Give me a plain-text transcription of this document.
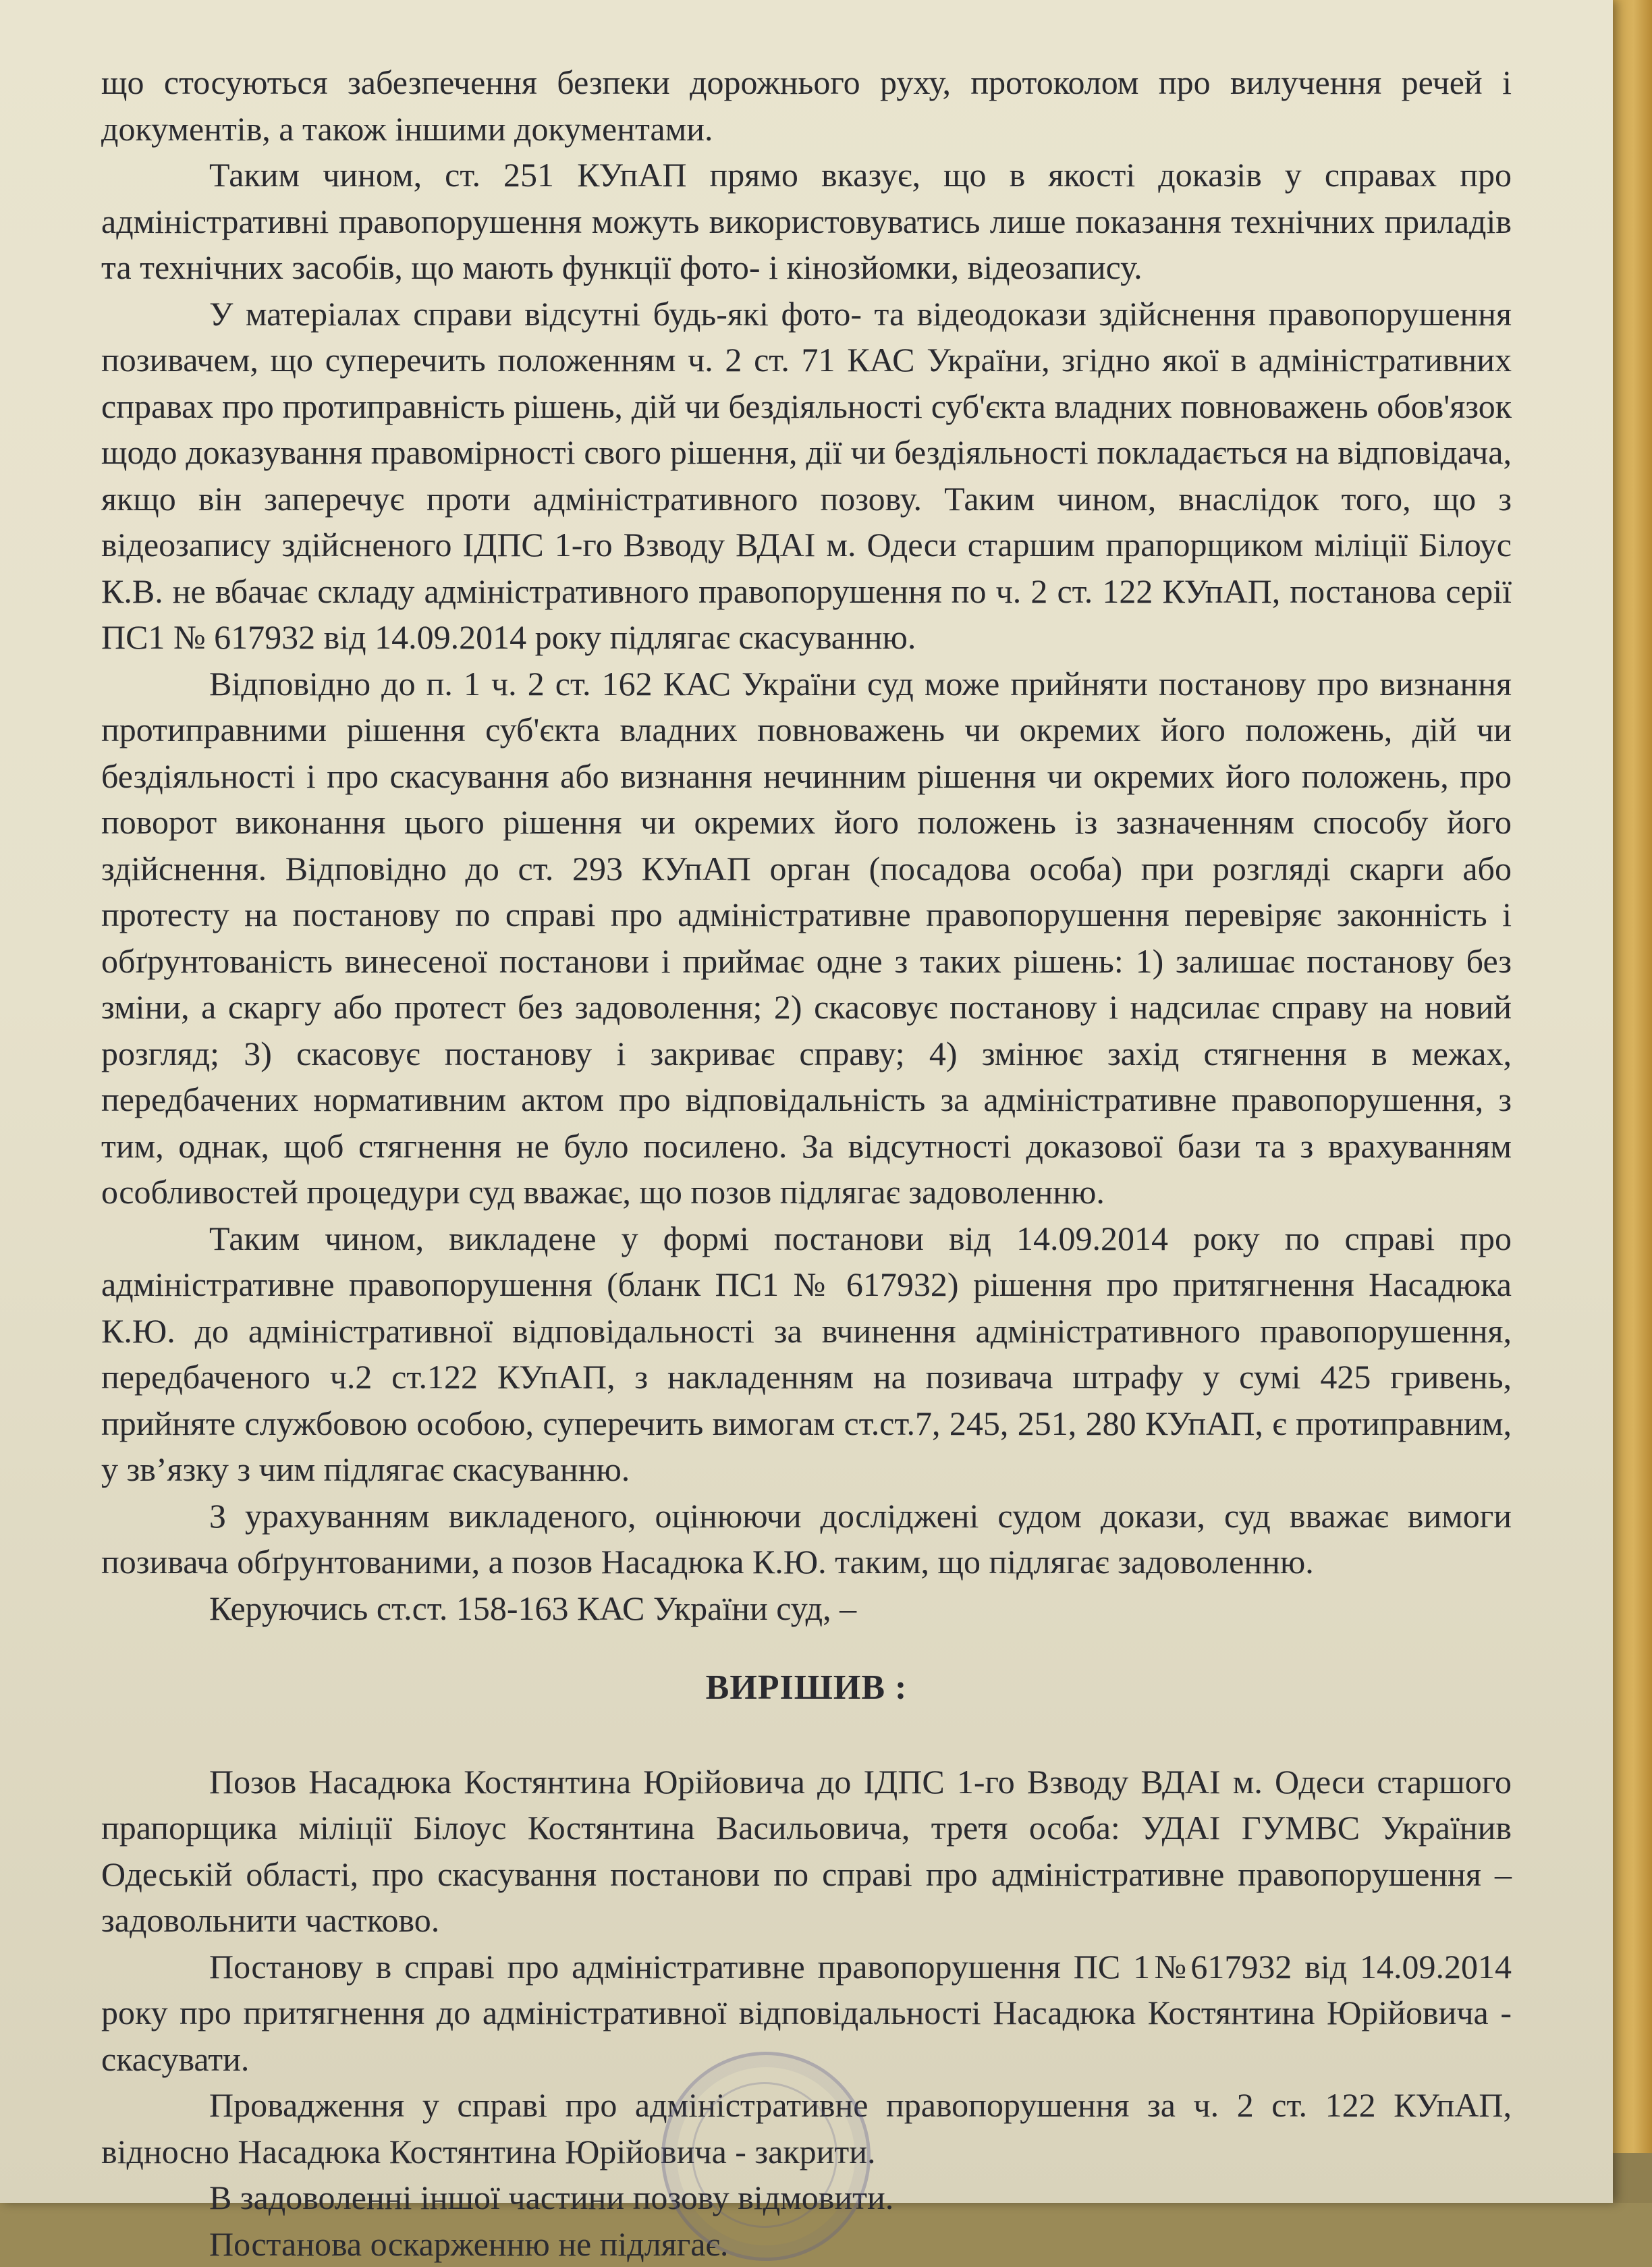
що стосуються забезпечення безпеки дорожнього руху, протоколом про вилучення речей і документів, а також іншими документами.

Таким чином, ст. 251 КУпАП прямо вказує, що в якості доказів у справах про адміністративні правопорушення можуть використовуватись лише показання технічних приладів та технічних засобів, що мають функції фото- і кінозйомки, відеозапису.

У матеріалах справи відсутні будь-які фото- та відеодокази здійснення правопорушення позивачем, що суперечить положенням ч. 2 ст. 71 КАС України, згідно якої в адміністративних справах про протиправність рішень, дій чи бездіяльності суб'єкта владних повноважень обов'язок щодо доказування правомірності свого рішення, дії чи бездіяльності покладається на відповідача, якщо він заперечує проти адміністративного позову. Таким чином, внаслідок того, що з відеозапису здійсненого ІДПС 1-го Взводу ВДАІ м. Одеси старшим прапорщиком міліції Білоус К.В. не вбачає складу адміністративного правопорушення по ч. 2 ст. 122 КУпАП, постанова серії ПС1 № 617932 від 14.09.2014 року підлягає скасуванню.

Відповідно до п. 1 ч. 2 ст. 162 КАС України суд може прийняти постанову про визнання протиправними рішення суб'єкта владних повноважень чи окремих його положень, дій чи бездіяльності і про скасування або визнання нечинним рішення чи окремих його положень, про поворот виконання цього рішення чи окремих його положень із зазначенням способу його здійснення. Відповідно до ст. 293 КУпАП орган (посадова особа) при розгляді скарги або протесту на постанову по справі про адміністративне правопорушення перевіряє законність і обґрунтованість винесеної постанови і приймає одне з таких рішень: 1) залишає постанову без зміни, а скаргу або протест без задоволення; 2) скасовує постанову і надсилає справу на новий розгляд; 3) скасовує постанову і закриває справу; 4) змінює захід стягнення в межах, передбачених нормативним актом про відповідальність за адміністративне правопорушення, з тим, однак, щоб стягнення не було посилено. За відсутності доказової бази та з врахуванням особливостей процедури суд вважає, що позов підлягає задоволенню.

Таким чином, викладене у формі постанови від 14.09.2014 року по справі про адміністративне правопорушення (бланк ПС1 № 617932) рішення про притягнення Насадюка К.Ю. до адміністративної відповідальності за вчинення адміністративного правопорушення, передбаченого ч.2 ст.122 КУпАП, з накладенням на позивача штрафу у сумі 425 гривень, прийняте службовою особою, суперечить вимогам ст.ст.7, 245, 251, 280 КУпАП, є протиправним, у зв’язку з чим підлягає скасуванню.

З урахуванням викладеного, оцінюючи досліджені судом докази, суд вважає вимоги позивача обґрунтованими, а позов Насадюка К.Ю. таким, що підлягає задоволенню.

Керуючись ст.ст. 158-163 КАС України суд, –

ВИРІШИВ :

Позов Насадюка Костянтина Юрійовича до ІДПС 1-го Взводу ВДАІ м. Одеси старшого прапорщика міліції Білоус Костянтина Васильовича, третя особа: УДАІ ГУМВС Українив Одеській області, про скасування постанови по справі про адміністративне правопорушення – задовольнити частково.

Постанову в справі про адміністративне правопорушення ПС 1№617932 від 14.09.2014 року про притягнення до адміністративної відповідальності Насадюка Костянтина Юрійовича - скасувати.

Провадження у справі про адміністративне правопорушення за ч. 2 ст. 122 КУпАП, відносно Насадюка Костянтина Юрійовича - закрити.

В задоволенні іншої частини позову відмовити.

Постанова оскарженню не підлягає.
